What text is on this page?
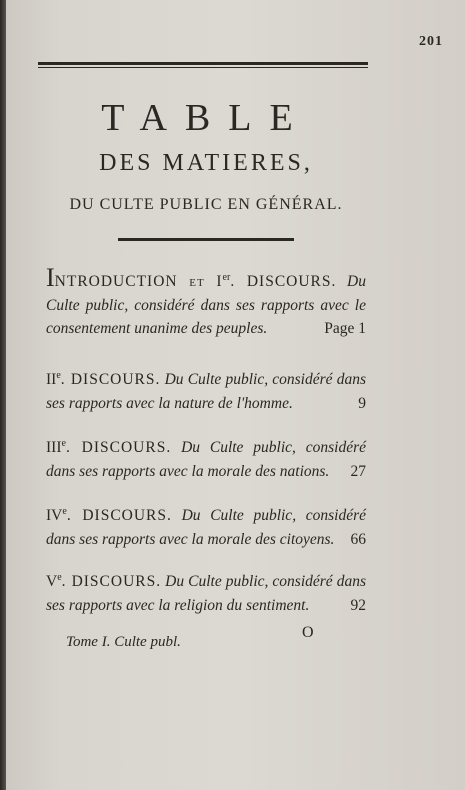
201
TABLE
DES MATIERES,
DU CULTE PUBLIC EN GÉNÉRAL.
INTRODUCTION et Ier. DISCOURS. Du Culte public, considéré dans ses rapports avec le consentement unanime des peuples.	Page 1
IIe. DISCOURS. Du Culte public, considéré dans ses rapports avec la nature de l'homme.	9
IIIe. DISCOURS. Du Culte public, considéré dans ses rapports avec la morale des nations.	27
IVe. DISCOURS. Du Culte public, considéré dans ses rapports avec la morale des citoyens.	66
Ve. DISCOURS. Du Culte public, considéré dans ses rapports avec la religion du sentiment.	92
Tome I. Culte publ.
O
